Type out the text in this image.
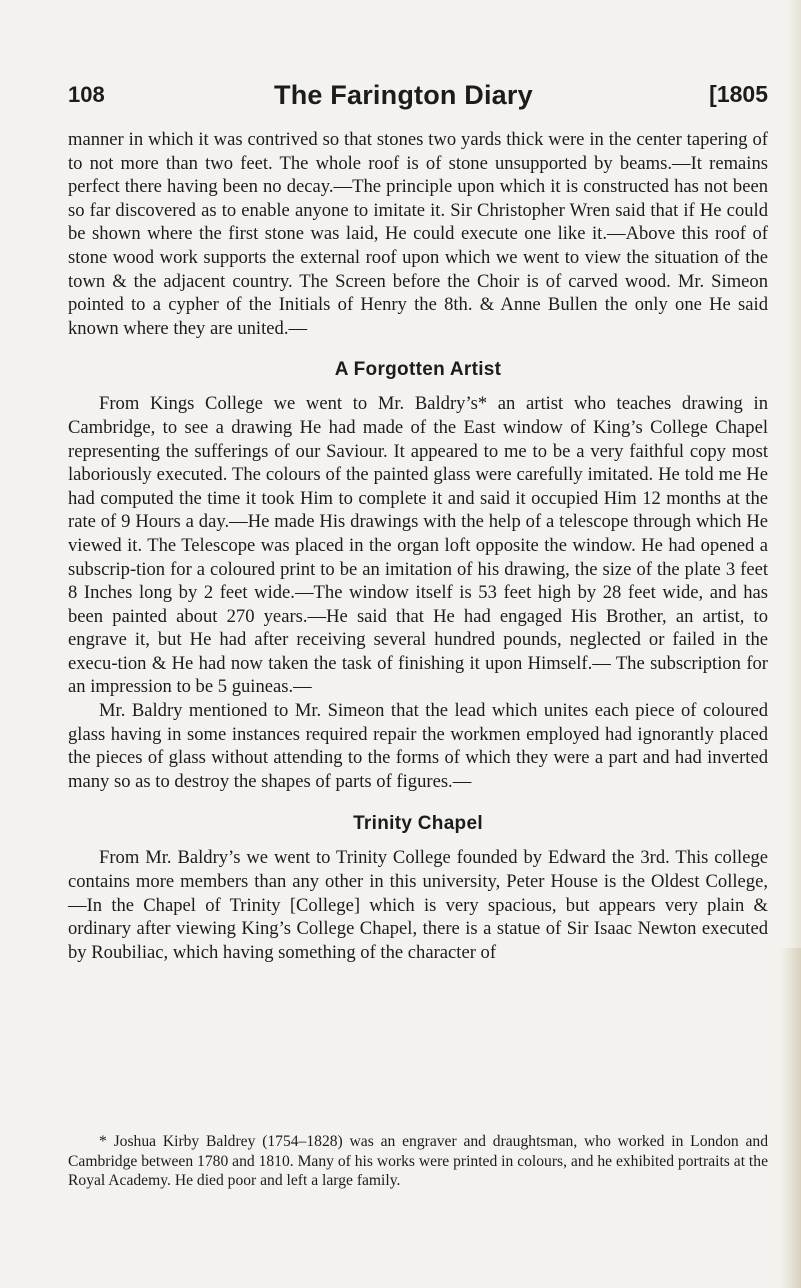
108	The Farington Diary	[1805

manner in which it was contrived so that stones two yards thick were in the center tapering of to not more than two feet. The whole roof is of stone unsupported by beams.—It remains perfect there having been no decay.—The principle upon which it is constructed has not been so far discovered as to enable anyone to imitate it. Sir Christopher Wren said that if He could be shown where the first stone was laid, He could execute one like it.—Above this roof of stone wood work supports the external roof upon which we went to view the situation of the town & the adjacent country. The Screen before the Choir is of carved wood. Mr. Simeon pointed to a cypher of the Initials of Henry the 8th. & Anne Bullen the only one He said known where they are united.—

A Forgotten Artist

From Kings College we went to Mr. Baldry’s* an artist who teaches drawing in Cambridge, to see a drawing He had made of the East window of King’s College Chapel representing the sufferings of our Saviour. It appeared to me to be a very faithful copy most laboriously executed. The colours of the painted glass were carefully imitated. He told me He had computed the time it took Him to complete it and said it occupied Him 12 months at the rate of 9 Hours a day.—He made His drawings with the help of a telescope through which He viewed it. The Telescope was placed in the organ loft opposite the window. He had opened a subscrip-tion for a coloured print to be an imitation of his drawing, the size of the plate 3 feet 8 Inches long by 2 feet wide.—The window itself is 53 feet high by 28 feet wide, and has been painted about 270 years.—He said that He had engaged His Brother, an artist, to engrave it, but He had after receiving several hundred pounds, neglected or failed in the execu-tion & He had now taken the task of finishing it upon Himself.— The subscription for an impression to be 5 guineas.—

Mr. Baldry mentioned to Mr. Simeon that the lead which unites each piece of coloured glass having in some instances required repair the workmen employed had ignorantly placed the pieces of glass without attending to the forms of which they were a part and had inverted many so as to destroy the shapes of parts of figures.—

Trinity Chapel

From Mr. Baldry’s we went to Trinity College founded by Edward the 3rd. This college contains more members than any other in this university, Peter House is the Oldest College,—In the Chapel of Trinity [College] which is very spacious, but appears very plain & ordinary after viewing King’s College Chapel, there is a statue of Sir Isaac Newton executed by Roubiliac, which having something of the character of

* Joshua Kirby Baldrey (1754–1828) was an engraver and draughtsman, who worked in London and Cambridge between 1780 and 1810. Many of his works were printed in colours, and he exhibited portraits at the Royal Academy. He died poor and left a large family.
